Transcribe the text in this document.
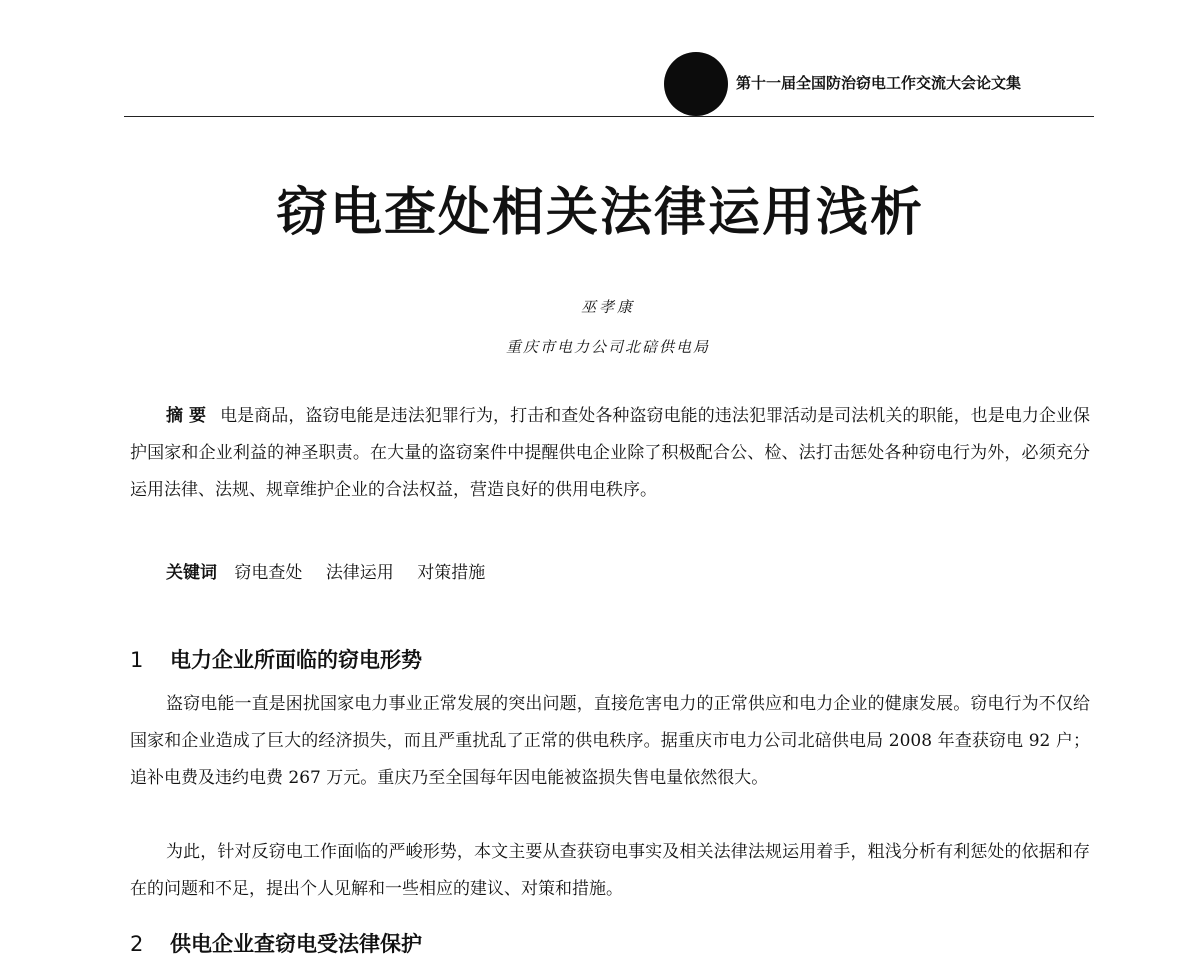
第十一届全国防治窃电工作交流大会论文集
窃电查处相关法律运用浅析
巫孝康
重庆市电力公司北碚供电局

摘 要 电是商品，盗窃电能是违法犯罪行为，打击和查处各种盗窃电能的违法犯罪活动是司法机关的职能，也是电力企业保护国家和企业利益的神圣职责。在大量的盗窃案件中提醒供电企业除了积极配合公、检、法打击惩处各种窃电行为外，必须充分运用法律、法规、规章维护企业的合法权益，营造良好的供用电秩序。

关键词 窃电查处 法律运用 对策措施
1 电力企业所面临的窃电形势

盗窃电能一直是困扰国家电力事业正常发展的突出问题，直接危害电力的正常供应和电力企业的健康发展。窃电行为不仅给国家和企业造成了巨大的经济损失，而且严重扰乱了正常的供电秩序。据重庆市电力公司北碚供电局 2008 年查获窃电 92 户；追补电费及违约电费 267 万元。重庆乃至全国每年因电能被盗损失售电量依然很大。

为此，针对反窃电工作面临的严峻形势，本文主要从查获窃电事实及相关法律法规运用着手，粗浅分析有利惩处的依据和存在的问题和不足，提出个人见解和一些相应的建议、对策和措施。

2 供电企业查窃电受法律保护
